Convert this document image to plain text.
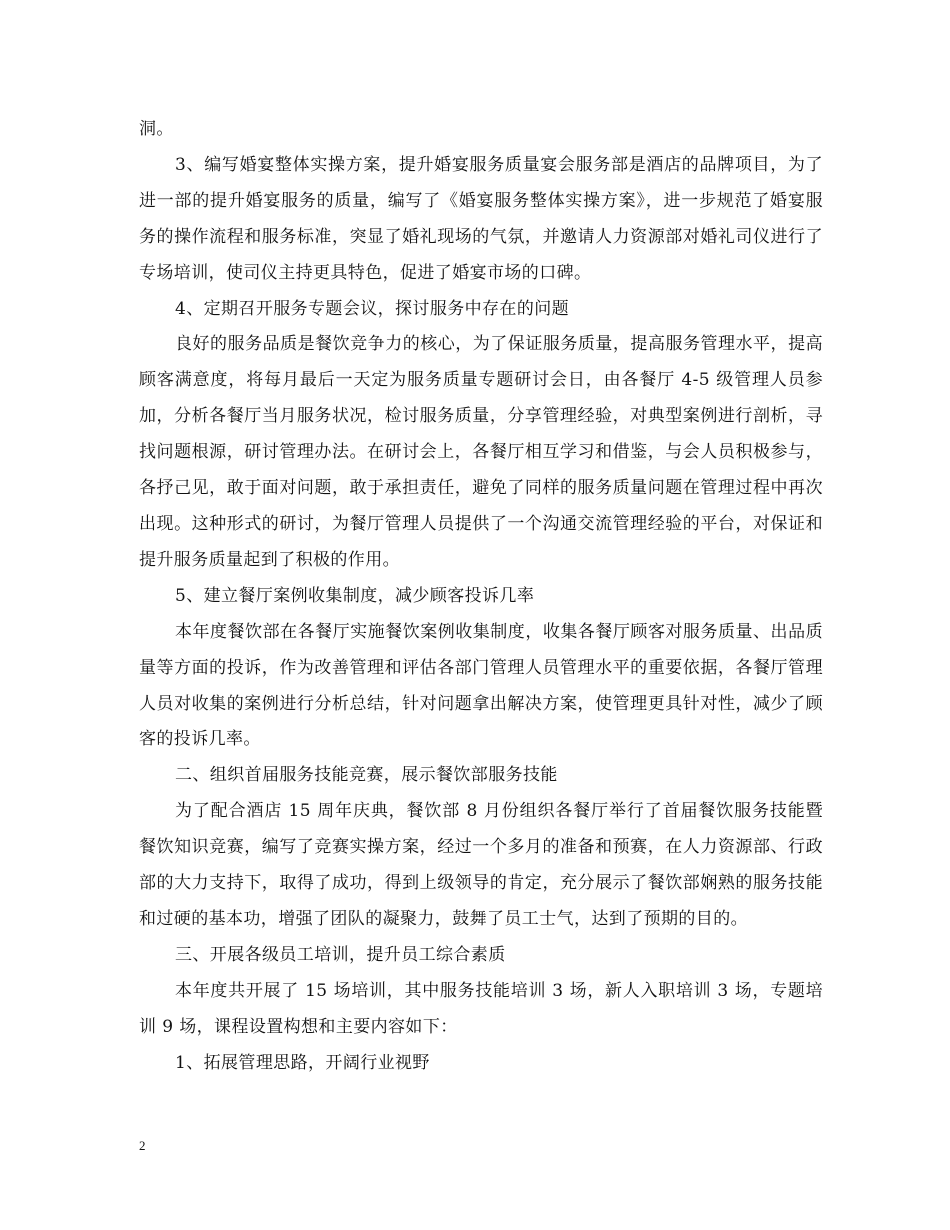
洞。

3、编写婚宴整体实操方案，提升婚宴服务质量宴会服务部是酒店的品牌项目，为了进一部的提升婚宴服务的质量，编写了《婚宴服务整体实操方案》，进一步规范了婚宴服务的操作流程和服务标准，突显了婚礼现场的气氛，并邀请人力资源部对婚礼司仪进行了专场培训，使司仪主持更具特色，促进了婚宴市场的口碑。

4、定期召开服务专题会议，探讨服务中存在的问题

良好的服务品质是餐饮竞争力的核心，为了保证服务质量，提高服务管理水平，提高顾客满意度，将每月最后一天定为服务质量专题研讨会日，由各餐厅 4-5 级管理人员参加，分析各餐厅当月服务状况，检讨服务质量，分享管理经验，对典型案例进行剖析，寻找问题根源，研讨管理办法。在研讨会上，各餐厅相互学习和借鉴，与会人员积极参与，各抒己见，敢于面对问题，敢于承担责任，避免了同样的服务质量问题在管理过程中再次出现。这种形式的研讨，为餐厅管理人员提供了一个沟通交流管理经验的平台，对保证和提升服务质量起到了积极的作用。

5、建立餐厅案例收集制度，减少顾客投诉几率

本年度餐饮部在各餐厅实施餐饮案例收集制度，收集各餐厅顾客对服务质量、出品质量等方面的投诉，作为改善管理和评估各部门管理人员管理水平的重要依据，各餐厅管理人员对收集的案例进行分析总结，针对问题拿出解决方案，使管理更具针对性，减少了顾客的投诉几率。

二、组织首届服务技能竞赛，展示餐饮部服务技能

为了配合酒店 15 周年庆典，餐饮部 8 月份组织各餐厅举行了首届餐饮服务技能暨餐饮知识竞赛，编写了竞赛实操方案，经过一个多月的准备和预赛，在人力资源部、行政部的大力支持下，取得了成功，得到上级领导的肯定，充分展示了餐饮部娴熟的服务技能和过硬的基本功，增强了团队的凝聚力，鼓舞了员工士气，达到了预期的目的。

三、开展各级员工培训，提升员工综合素质

本年度共开展了 15 场培训，其中服务技能培训 3 场，新人入职培训 3 场，专题培训 9 场，课程设置构想和主要内容如下：

1、拓展管理思路，开阔行业视野

2
